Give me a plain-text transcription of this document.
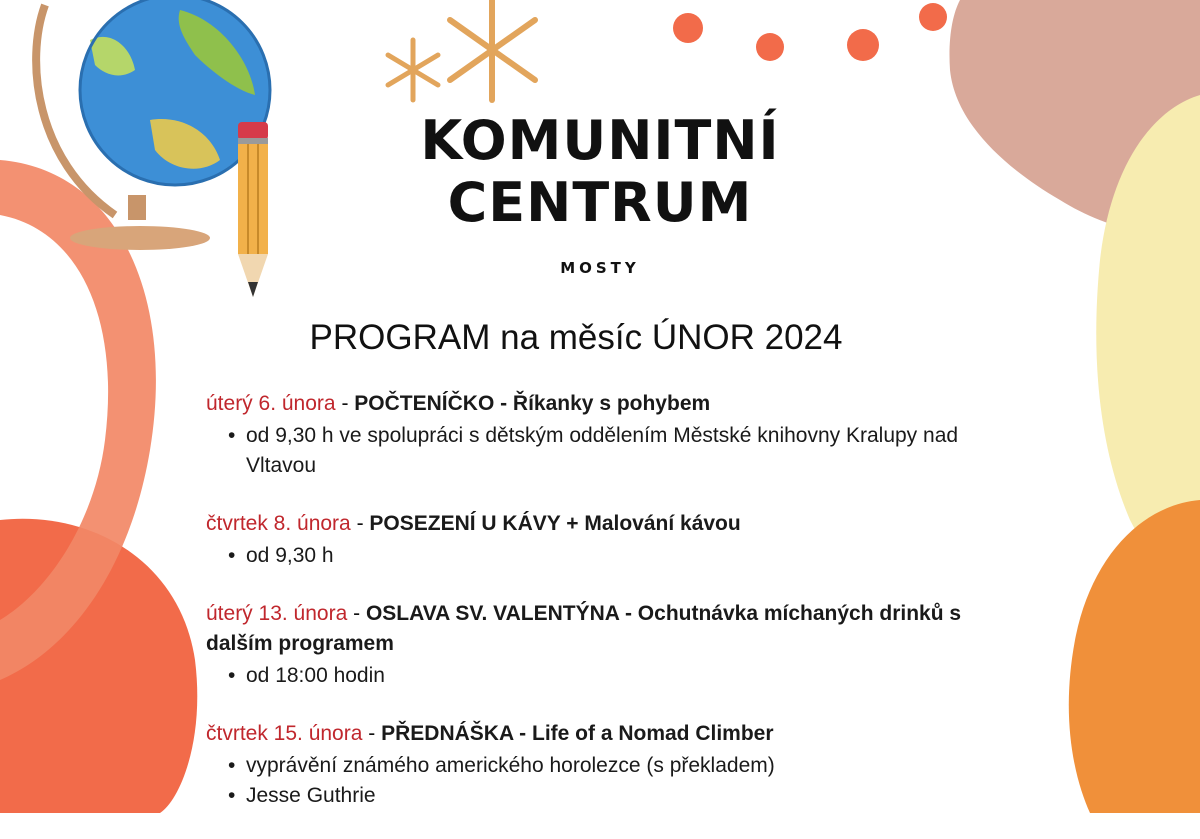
KOMUNITNÍ
CENTRUM
MOSTY
PROGRAM na měsíc ÚNOR 2024
úterý 6. února - POČTENÍČKO - Říkanky s pohybem
• od 9,30 h ve spolupráci s dětským oddělením Městské knihovny Kralupy nad Vltavou
čtvrtek 8. února - POSEZENÍ U KÁVY + Malování kávou
• od 9,30 h
úterý 13. února - OSLAVA SV. VALENTÝNA - Ochutnávka míchaných drinků s dalším programem
• od 18:00 hodin
čtvrtek 15. února - PŘEDNÁŠKA - Life of a Nomad Climber
• vyprávění známého amerického horolezce (s překladem)
• Jesse Guthrie
